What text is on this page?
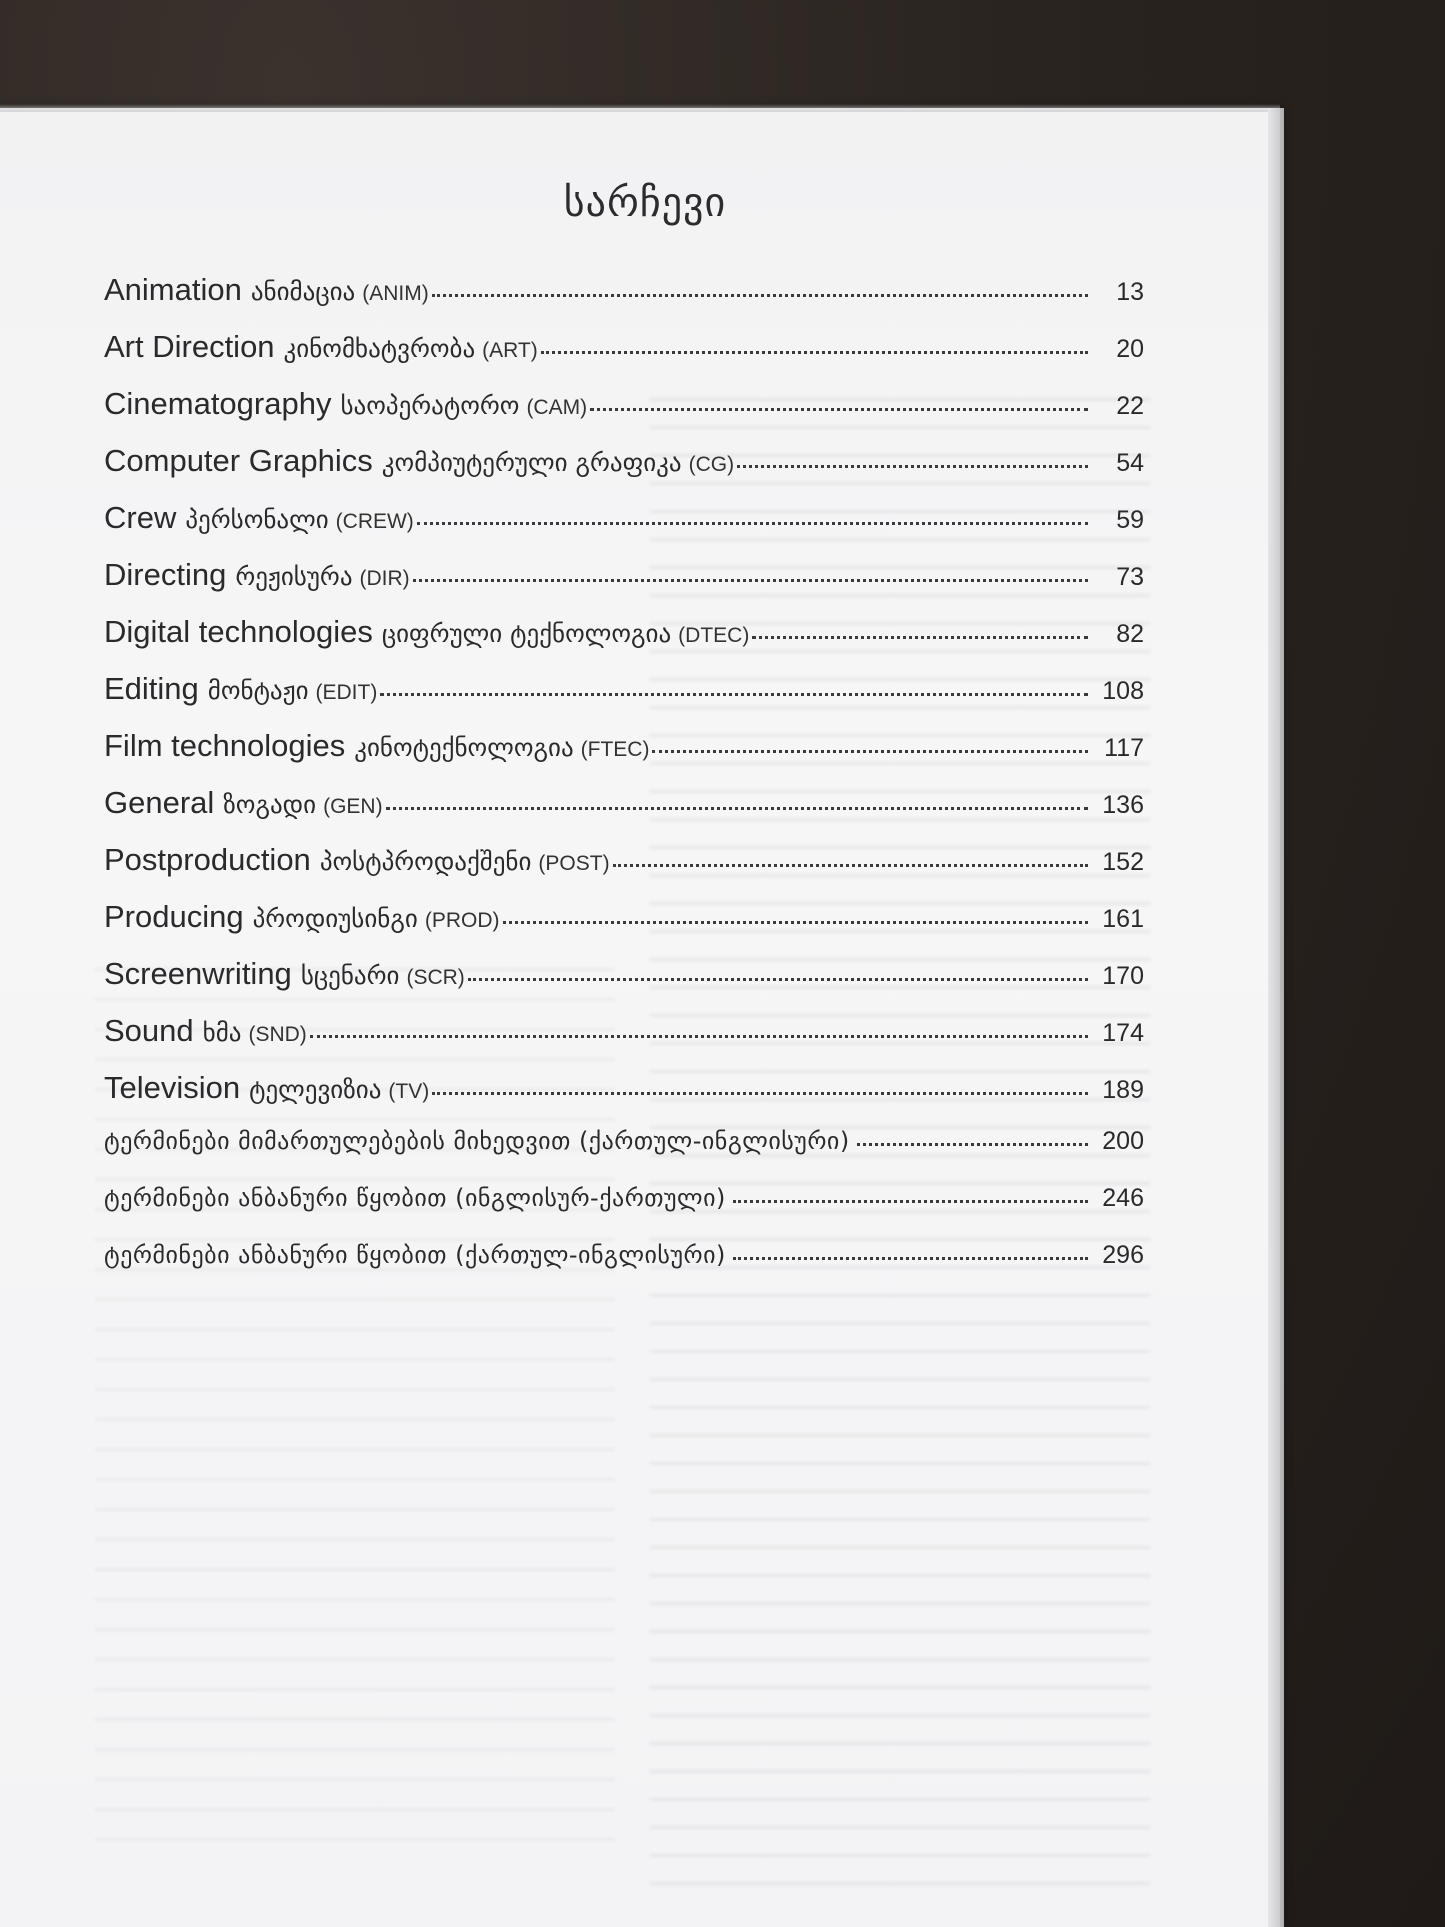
სარჩევი
Animation ანიმაცია (ANIM)	13
Art Direction კინომხატვრობა (ART)	20
Cinematography საოპერატორო (CAM)	22
Computer Graphics კომპიუტერული გრაფიკა (CG)	54
Crew პერსონალი (CREW)	59
Directing რეჟისურა (DIR)	73
Digital technologies ციფრული ტექნოლოგია (DTEC)	82
Editing მონტაჟი (EDIT)	108
Film technologies კინოტექნოლოგია (FTEC)	117
General ზოგადი (GEN)	136
Postproduction პოსტპროდაქშენი (POST)	152
Producing პროდიუსინგი (PROD)	161
Screenwriting სცენარი (SCR)	170
Sound ხმა (SND)	174
Television ტელევიზია (TV)	189
ტერმინები მიმართულებების მიხედვით (ქართულ-ინგლისური)	200
ტერმინები ანბანური წყობით (ინგლისურ-ქართული)	246
ტერმინები ანბანური წყობით (ქართულ-ინგლისური)	296
